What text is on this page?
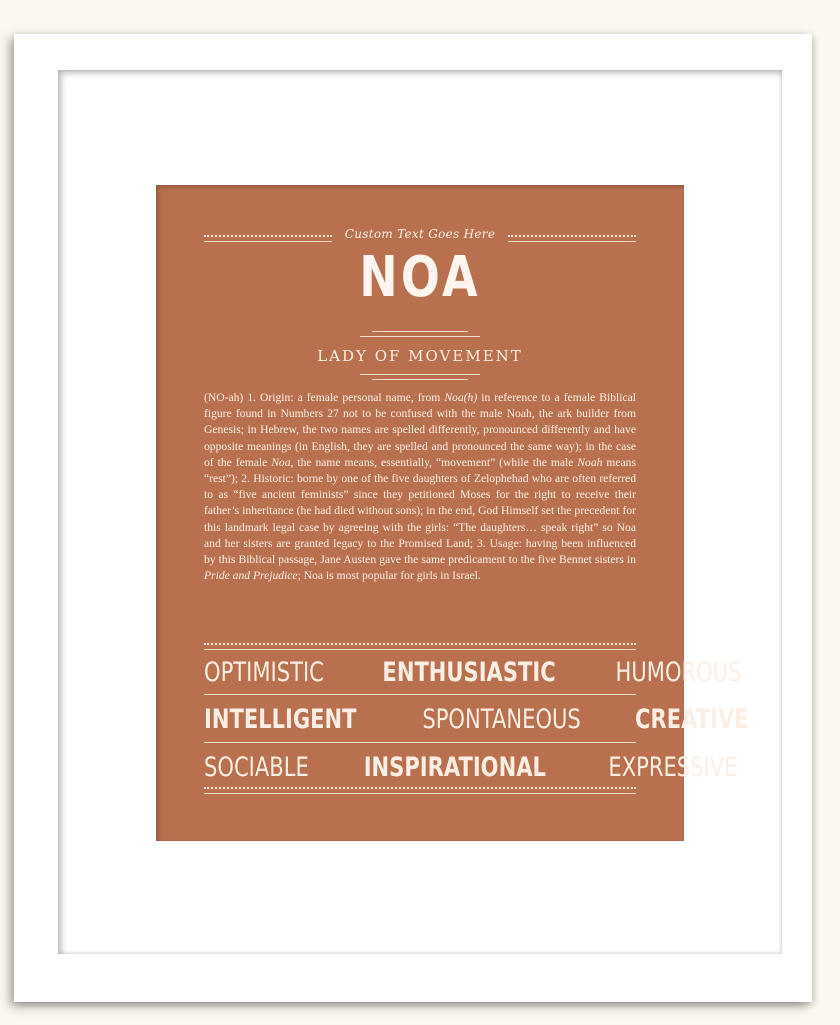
Custom Text Goes Here
NOA
LADY OF MOVEMENT
(NO-ah) 1. Origin: a female personal name, from Noa(h) in reference to a female Biblical figure found in Numbers 27 not to be confused with the male Noah, the ark builder from Genesis; in Hebrew, the two names are spelled differently, pronounced differently and have opposite meanings (in English, they are spelled and pronounced the same way); in the case of the female Noa, the name means, essentially, “movement” (while the male Noah means “rest”); 2. Historic: borne by one of the five daughters of Zelophehad who are often referred to as “five ancient feminists” since they petitioned Moses for the right to receive their father’s inheritance (he had died without sons); in the end, God Himself set the precedent for this landmark legal case by agreeing with the girls: “The daughters… speak right” so Noa and her sisters are granted legacy to the Promised Land; 3. Usage: having been influenced by this Biblical passage, Jane Austen gave the same predicament to the five Bennet sisters in Pride and Prejudice; Noa is most popular for girls in Israel.
OPTIMISTIC ENTHUSIASTIC HUMOROUS
INTELLIGENT SPONTANEOUS CREATIVE
SOCIABLE INSPIRATIONAL EXPRESSIVE
